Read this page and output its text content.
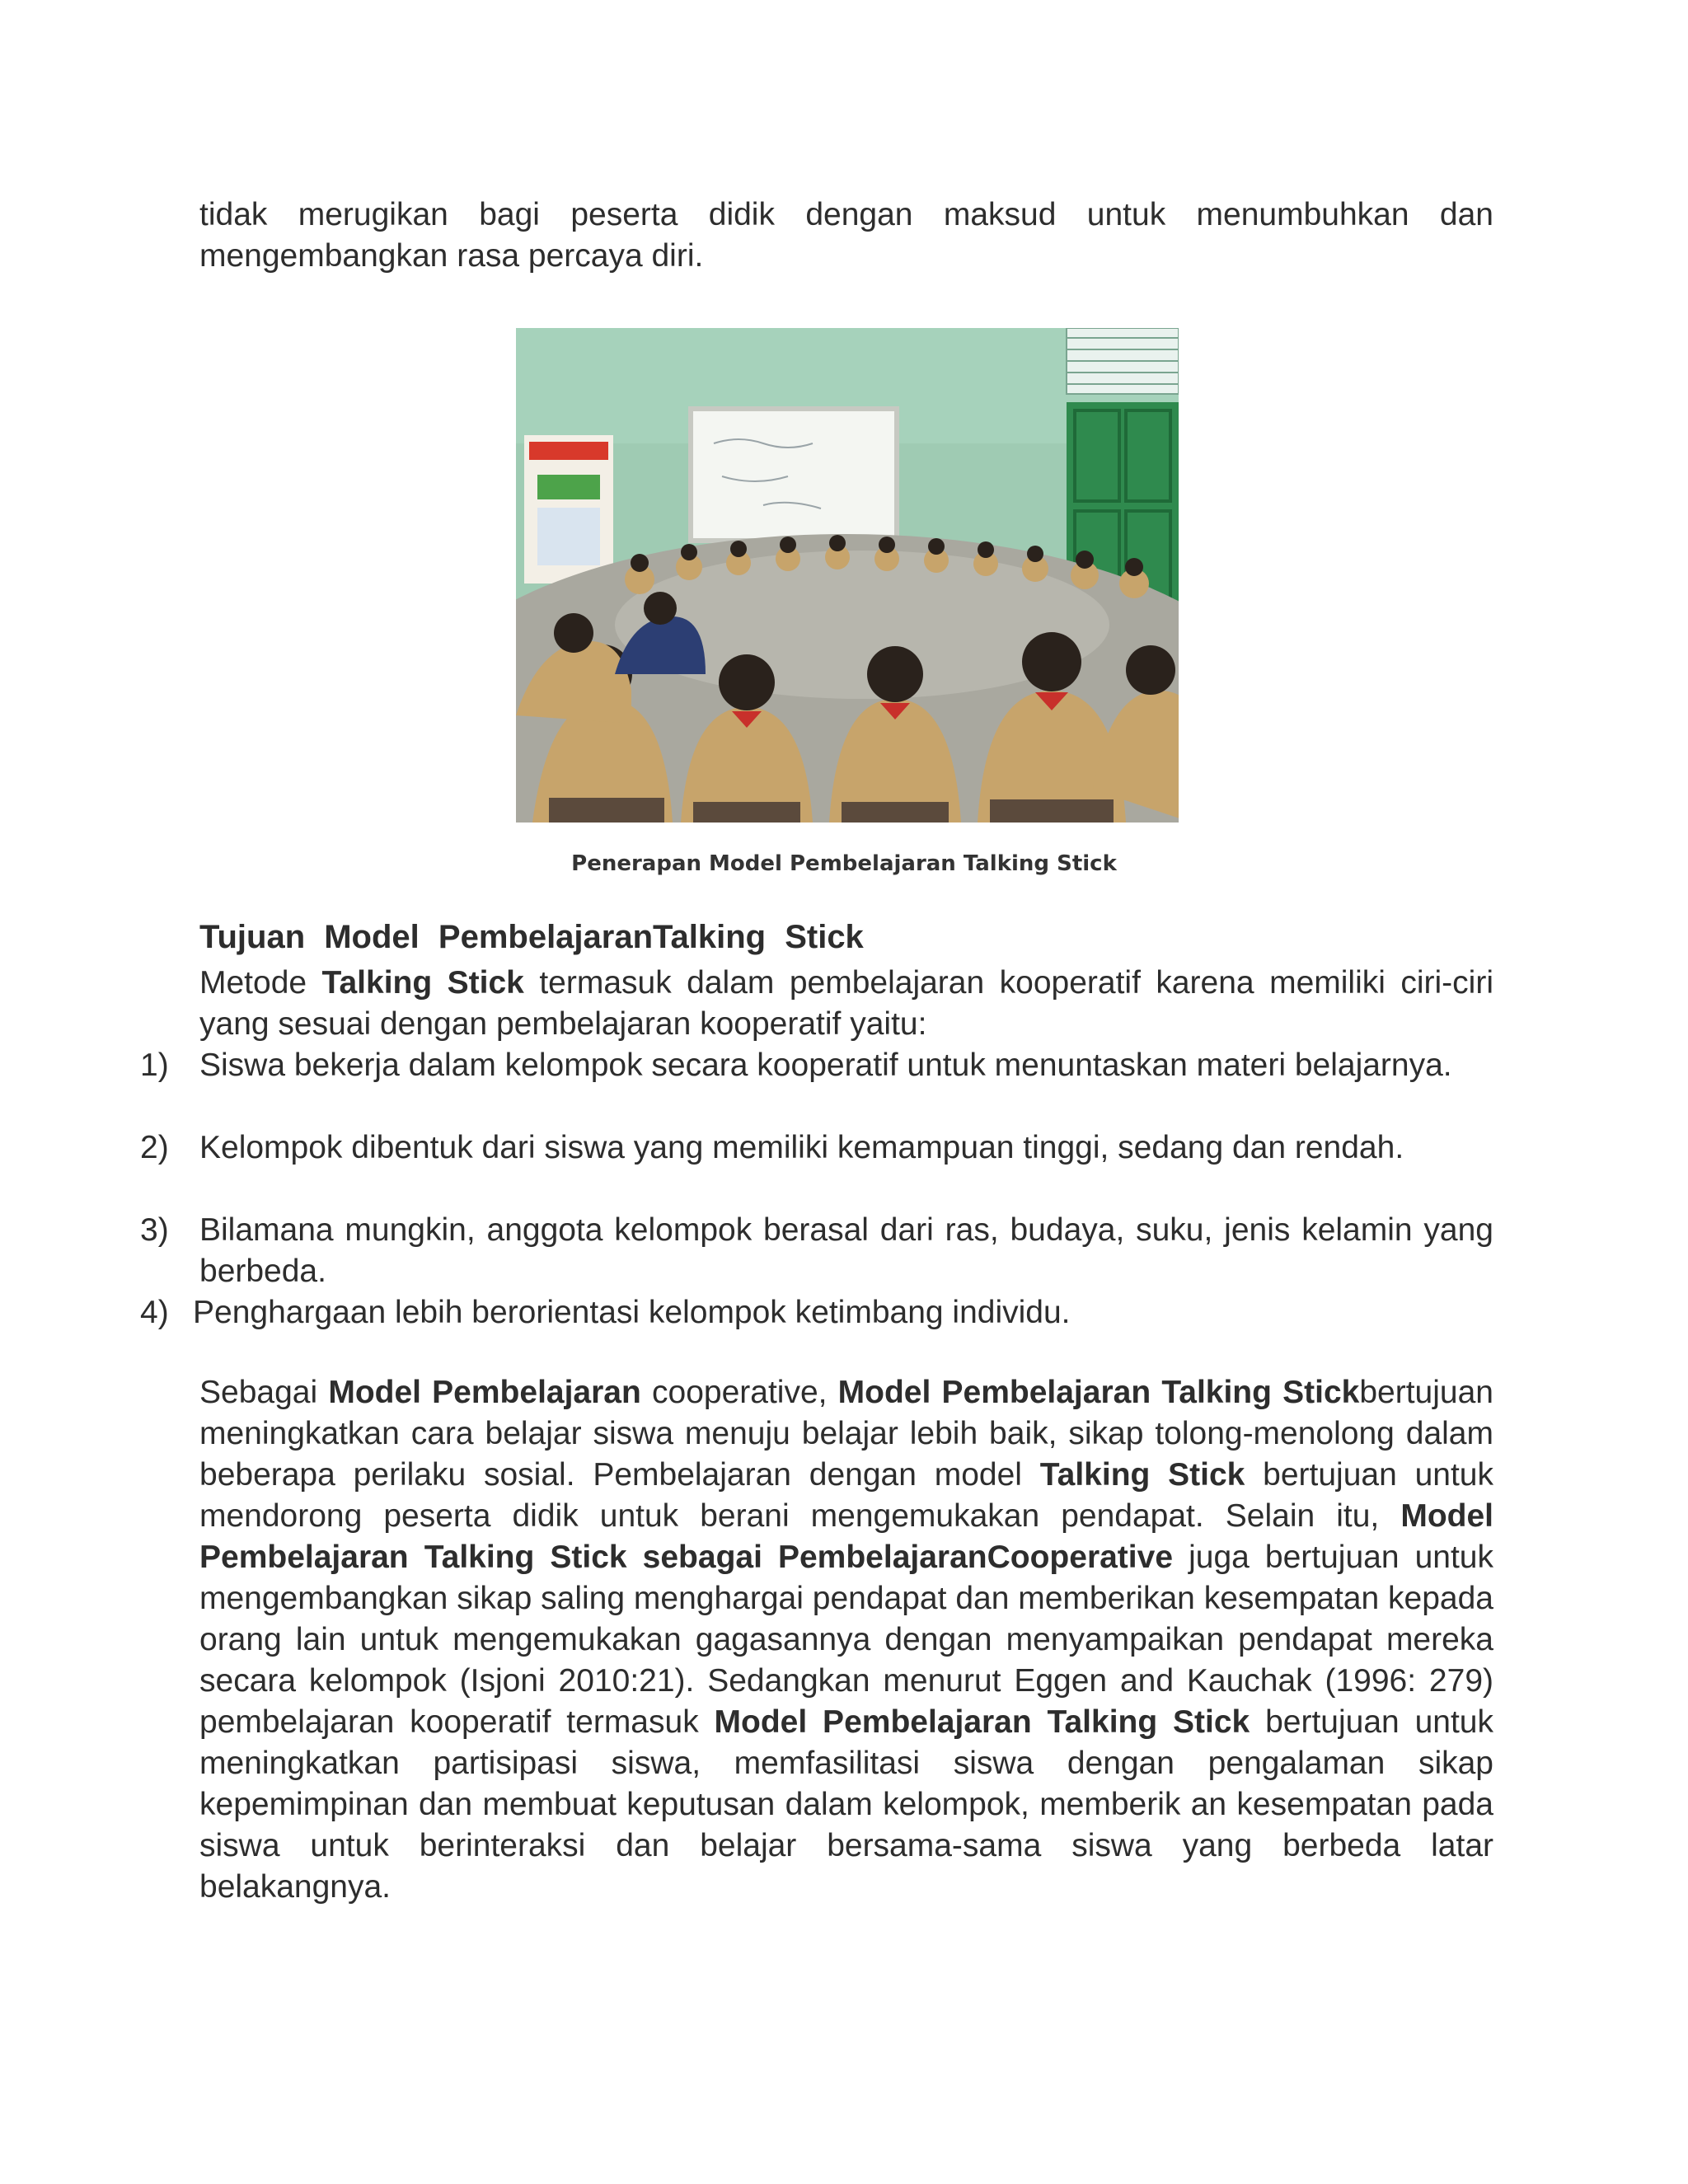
tidak merugikan bagi peserta didik dengan maksud untuk menumbuhkan dan mengembangkan rasa percaya diri.

Penerapan Model Pembelajaran Talking Stick
Tujuan Model PembelajaranTalking Stick

Metode Talking Stick termasuk dalam pembelajaran kooperatif karena memiliki ciri-ciri yang sesuai dengan pembelajaran kooperatif yaitu:

1) Siswa bekerja dalam kelompok secara kooperatif untuk menuntaskan materi belajarnya.
2) Kelompok dibentuk dari siswa yang memiliki kemampuan tinggi, sedang dan rendah.
3) Bilamana mungkin, anggota kelompok berasal dari ras, budaya, suku, jenis kelamin yang berbeda.
4) Penghargaan lebih berorientasi kelompok ketimbang individu.

Sebagai Model Pembelajaran cooperative, Model Pembelajaran Talking Stickbertujuan meningkatkan cara belajar siswa menuju belajar lebih baik, sikap tolong-menolong dalam beberapa perilaku sosial. Pembelajaran dengan model Talking Stick bertujuan untuk mendorong peserta didik untuk berani mengemukakan pendapat. Selain itu, Model Pembelajaran Talking Stick sebagai PembelajaranCooperative juga bertujuan untuk mengembangkan sikap saling menghargai pendapat dan memberikan kesempatan kepada orang lain untuk mengemukakan gagasannya dengan menyampaikan pendapat mereka secara kelompok (Isjoni 2010:21). Sedangkan menurut Eggen and Kauchak (1996: 279) pembelajaran kooperatif termasuk Model Pembelajaran Talking Stick bertujuan untuk meningkatkan partisipasi siswa, memfasilitasi siswa dengan pengalaman sikap kepemimpinan dan membuat keputusan dalam kelompok, memberik an kesempatan pada siswa untuk berinteraksi dan belajar bersama-sama siswa yang berbeda latar belakangnya.
